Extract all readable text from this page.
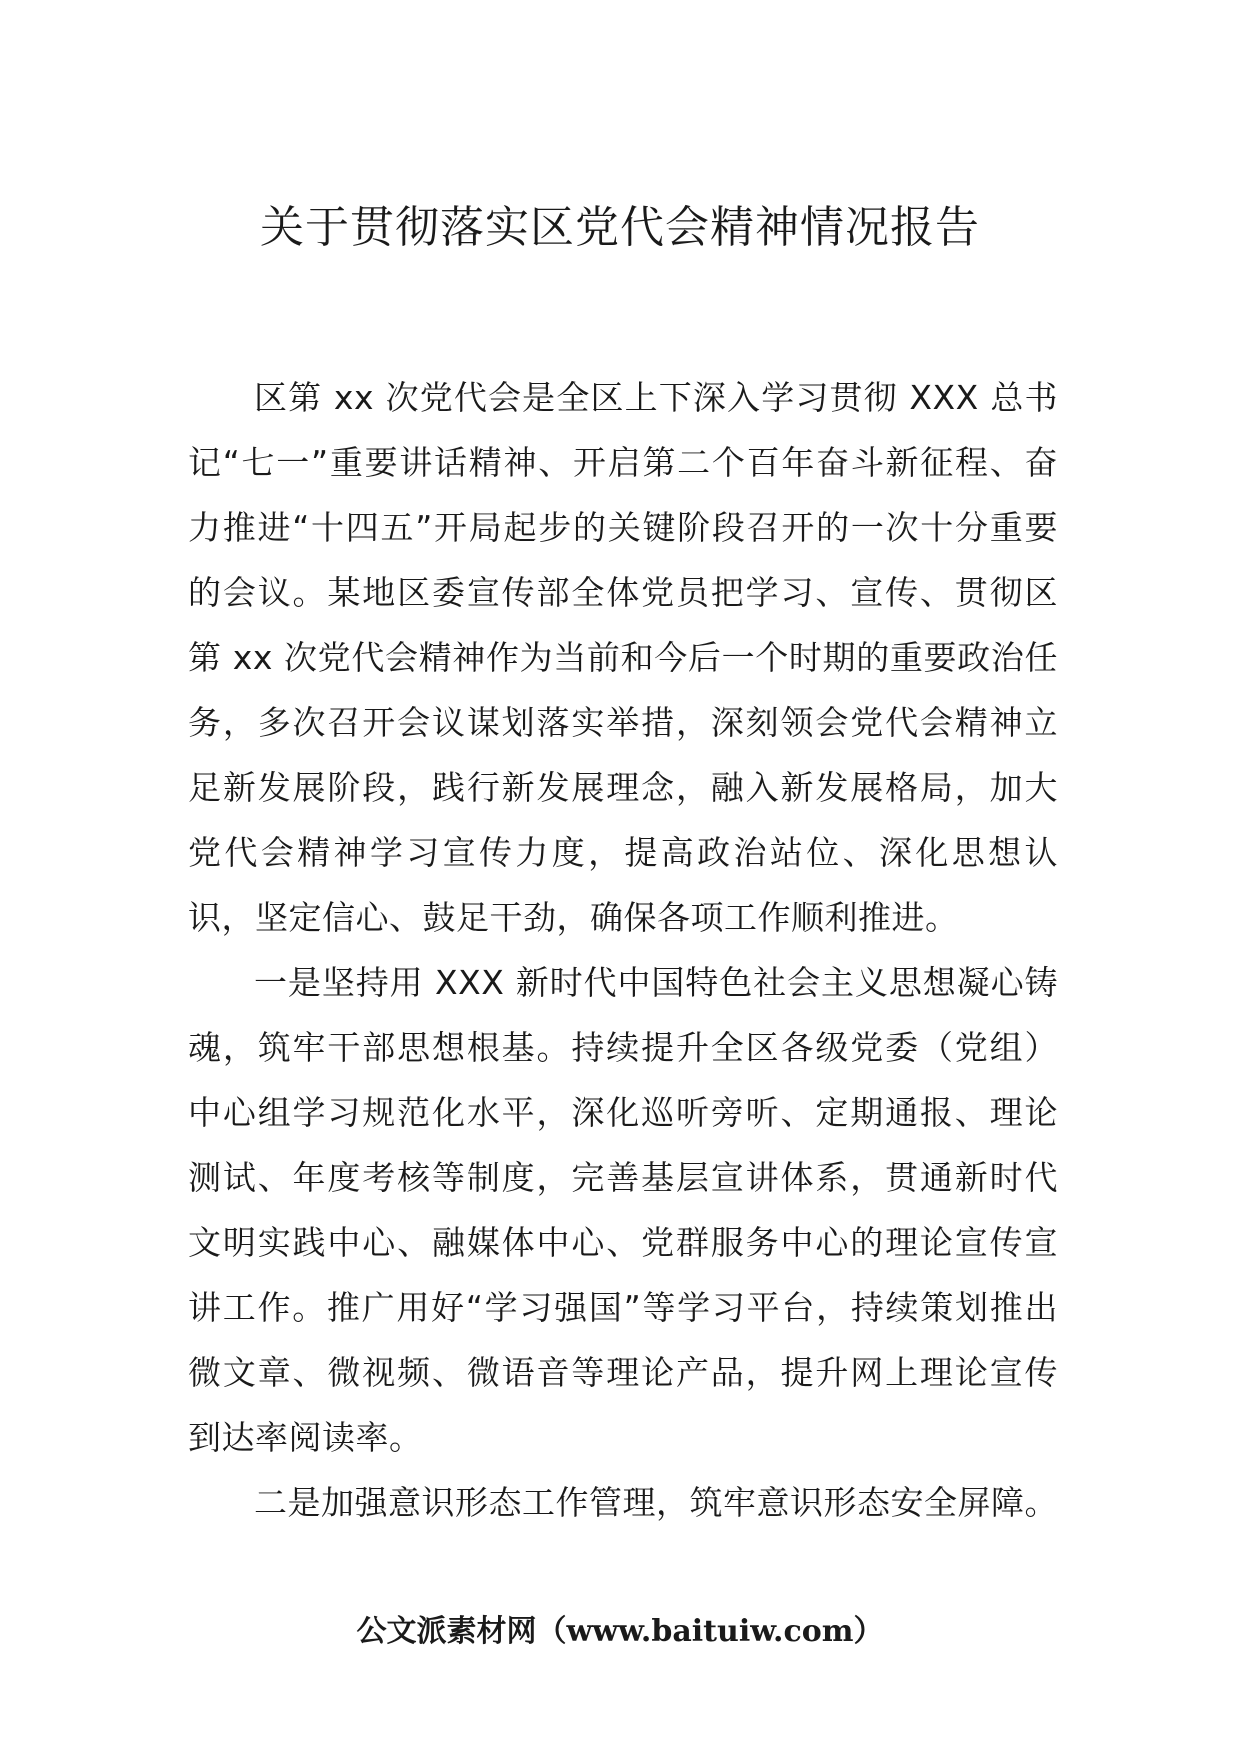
关于贯彻落实区党代会精神情况报告

区第 xx 次党代会是全区上下深入学习贯彻 XXX 总书记“七一”重要讲话精神、开启第二个百年奋斗新征程、奋力推进“十四五”开局起步的关键阶段召开的一次十分重要的会议。某地区委宣传部全体党员把学习、宣传、贯彻区第 xx 次党代会精神作为当前和今后一个时期的重要政治任务，多次召开会议谋划落实举措，深刻领会党代会精神立足新发展阶段，践行新发展理念，融入新发展格局，加大党代会精神学习宣传力度，提高政治站位、深化思想认识，坚定信心、鼓足干劲，确保各项工作顺利推进。

一是坚持用 XXX 新时代中国特色社会主义思想凝心铸魂，筑牢干部思想根基。持续提升全区各级党委（党组）中心组学习规范化水平，深化巡听旁听、定期通报、理论测试、年度考核等制度，完善基层宣讲体系，贯通新时代文明实践中心、融媒体中心、党群服务中心的理论宣传宣讲工作。推广用好“学习强国”等学习平台，持续策划推出微文章、微视频、微语音等理论产品，提升网上理论宣传到达率阅读率。

二是加强意识形态工作管理，筑牢意识形态安全屏障。

公文派素材网（www.baituiw.com）
